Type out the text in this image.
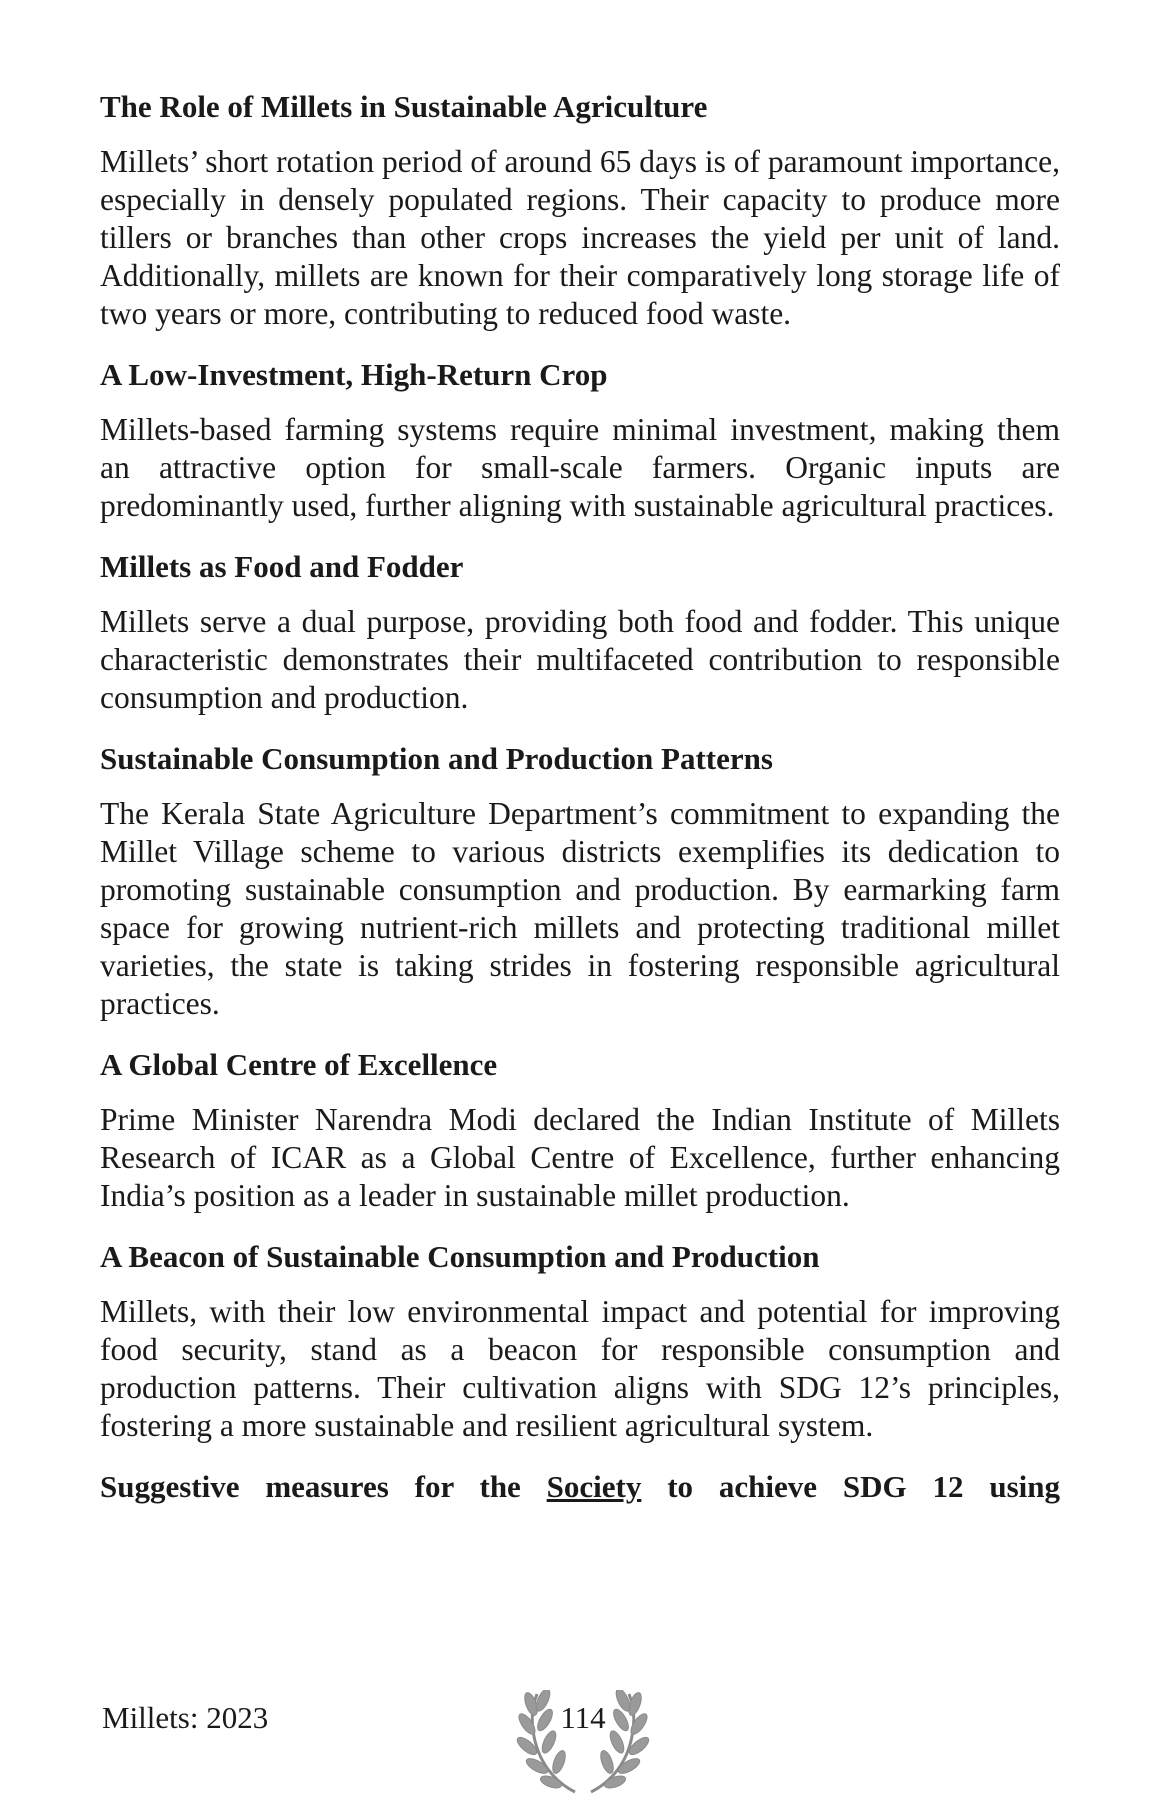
The Role of Millets in Sustainable Agriculture
Millets’ short rotation period of around 65 days is of paramount importance, especially in densely populated regions. Their capacity to produce more tillers or branches than other crops increases the yield per unit of land. Additionally, millets are known for their comparatively long storage life of two years or more, contributing to reduced food waste.
A Low-Investment, High-Return Crop
Millets-based farming systems require minimal investment, making them an attractive option for small-scale farmers. Organic inputs are predominantly used, further aligning with sustainable agricultural practices.
Millets as Food and Fodder
Millets serve a dual purpose, providing both food and fodder. This unique characteristic demonstrates their multifaceted contribution to responsible consumption and production.
Sustainable Consumption and Production Patterns
The Kerala State Agriculture Department’s commitment to expanding the Millet Village scheme to various districts exemplifies its dedication to promoting sustainable consumption and production. By earmarking farm space for growing nutrient-rich millets and protecting traditional millet varieties, the state is taking strides in fostering responsible agricultural practices.
A Global Centre of Excellence
Prime Minister Narendra Modi declared the Indian Institute of Millets Research of ICAR as a Global Centre of Excellence, further enhancing India’s position as a leader in sustainable millet production.
A Beacon of Sustainable Consumption and Production
Millets, with their low environmental impact and potential for improving food security, stand as a beacon for responsible consumption and production patterns. Their cultivation aligns with SDG 12’s principles, fostering a more sustainable and resilient agricultural system.
Suggestive measures for the Society to achieve SDG 12 using
Millets: 2023	114
